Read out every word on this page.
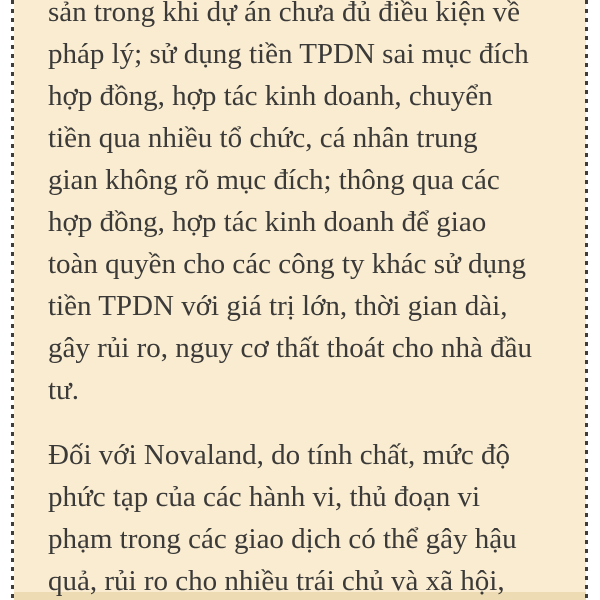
sản trong khi dự án chưa đủ điều kiện về
pháp lý; sử dụng tiền TPDN sai mục đích
hợp đồng, hợp tác kinh doanh, chuyển
tiền qua nhiều tổ chức, cá nhân trung
gian không rõ mục đích; thông qua các
hợp đồng, hợp tác kinh doanh để giao
toàn quyền cho các công ty khác sử dụng
tiền TPDN với giá trị lớn, thời gian dài,
gây rủi ro, nguy cơ thất thoát cho nhà đầu
tư.
Đối với Novaland, do tính chất, mức độ
phức tạp của các hành vi, thủ đoạn vi
phạm trong các giao dịch có thể gây hậu
quả, rủi ro cho nhiều trái chủ và xã hội,
